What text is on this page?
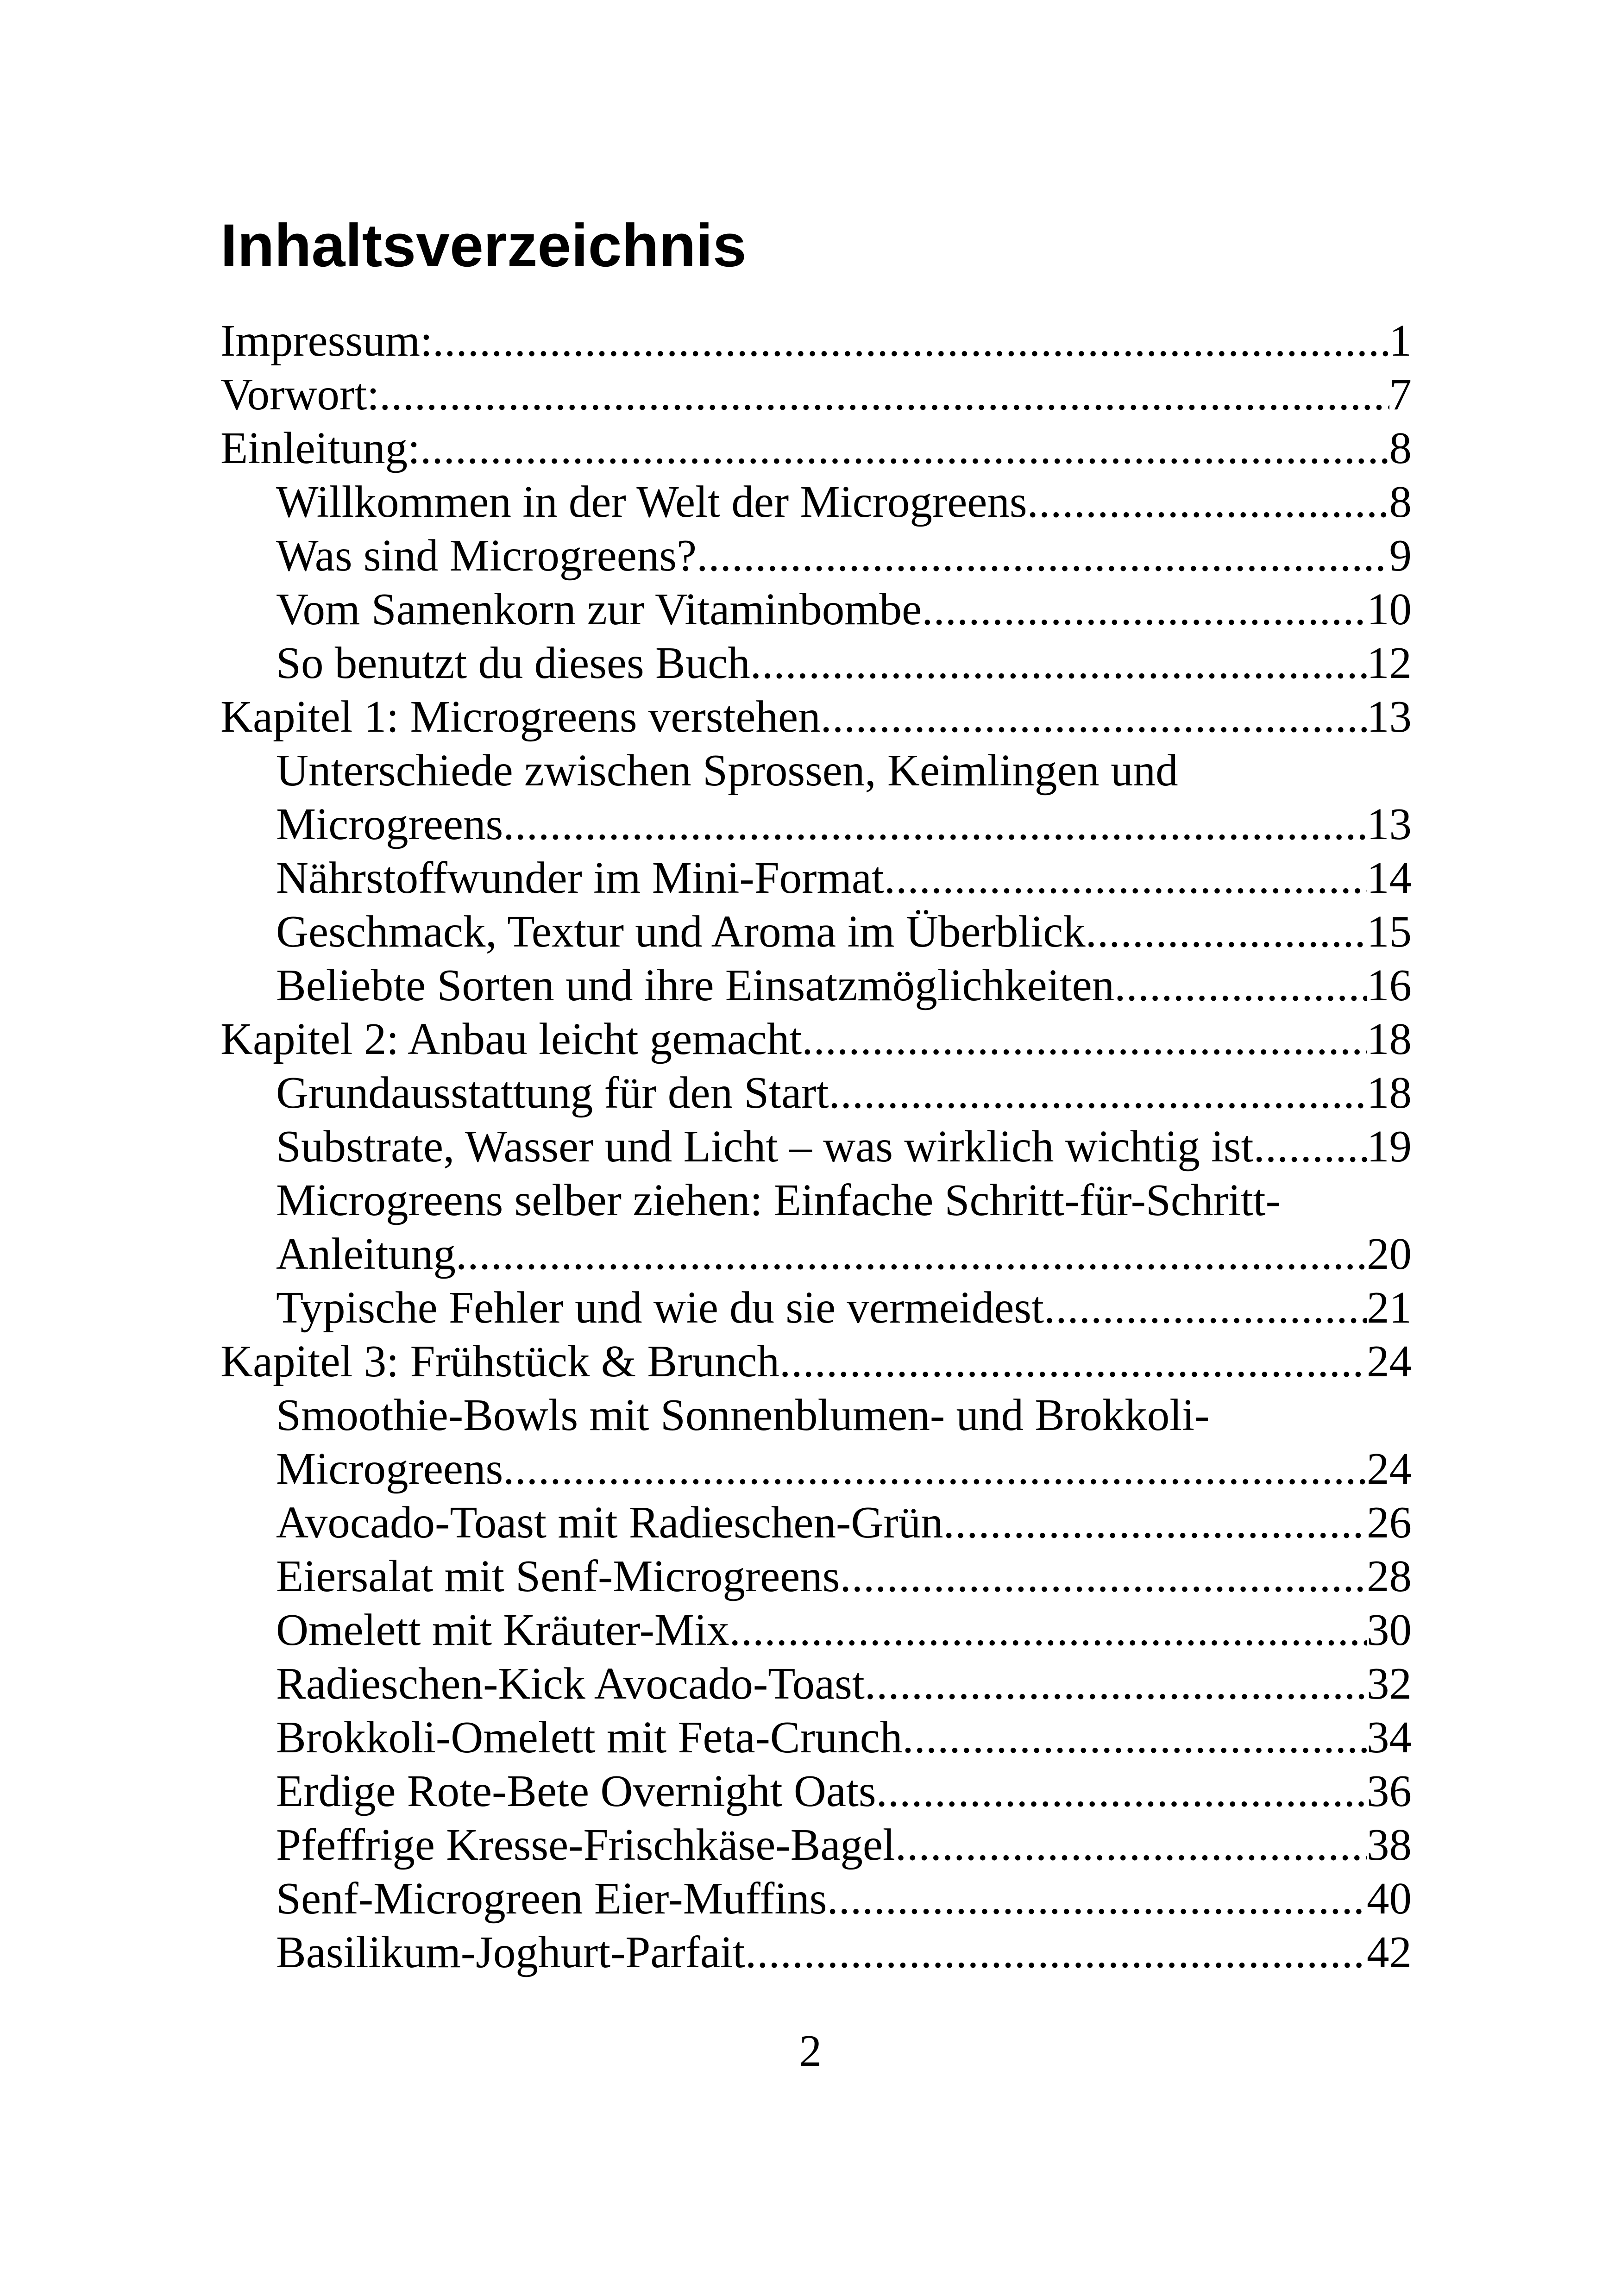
Inhaltsverzeichnis
Impressum: .....	1
Vorwort: .....	7
Einleitung: .....	8
Willkommen in der Welt der Microgreens .....	8
Was sind Microgreens? .....	9
Vom Samenkorn zur Vitaminbombe .....	10
So benutzt du dieses Buch .....	12
Kapitel 1: Microgreens verstehen .....	13
Unterschiede zwischen Sprossen, Keimlingen und
Microgreens .....	13
Nährstoffwunder im Mini-Format .....	14
Geschmack, Textur und Aroma im Überblick .....	15
Beliebte Sorten und ihre Einsatzmöglichkeiten .....	16
Kapitel 2: Anbau leicht gemacht .....	18
Grundausstattung für den Start .....	18
Substrate, Wasser und Licht – was wirklich wichtig ist .....	19
Microgreens selber ziehen: Einfache Schritt-für-Schritt-
Anleitung .....	20
Typische Fehler und wie du sie vermeidest .....	21
Kapitel 3: Frühstück & Brunch .....	24
Smoothie-Bowls mit Sonnenblumen- und Brokkoli-
Microgreens .....	24
Avocado-Toast mit Radieschen-Grün .....	26
Eiersalat mit Senf-Microgreens .....	28
Omelett mit Kräuter-Mix .....	30
Radieschen-Kick Avocado-Toast .....	32
Brokkoli-Omelett mit Feta-Crunch .....	34
Erdige Rote-Bete Overnight Oats .....	36
Pfeffrige Kresse-Frischkäse-Bagel .....	38
Senf-Microgreen Eier-Muffins .....	40
Basilikum-Joghurt-Parfait .....	42
2
